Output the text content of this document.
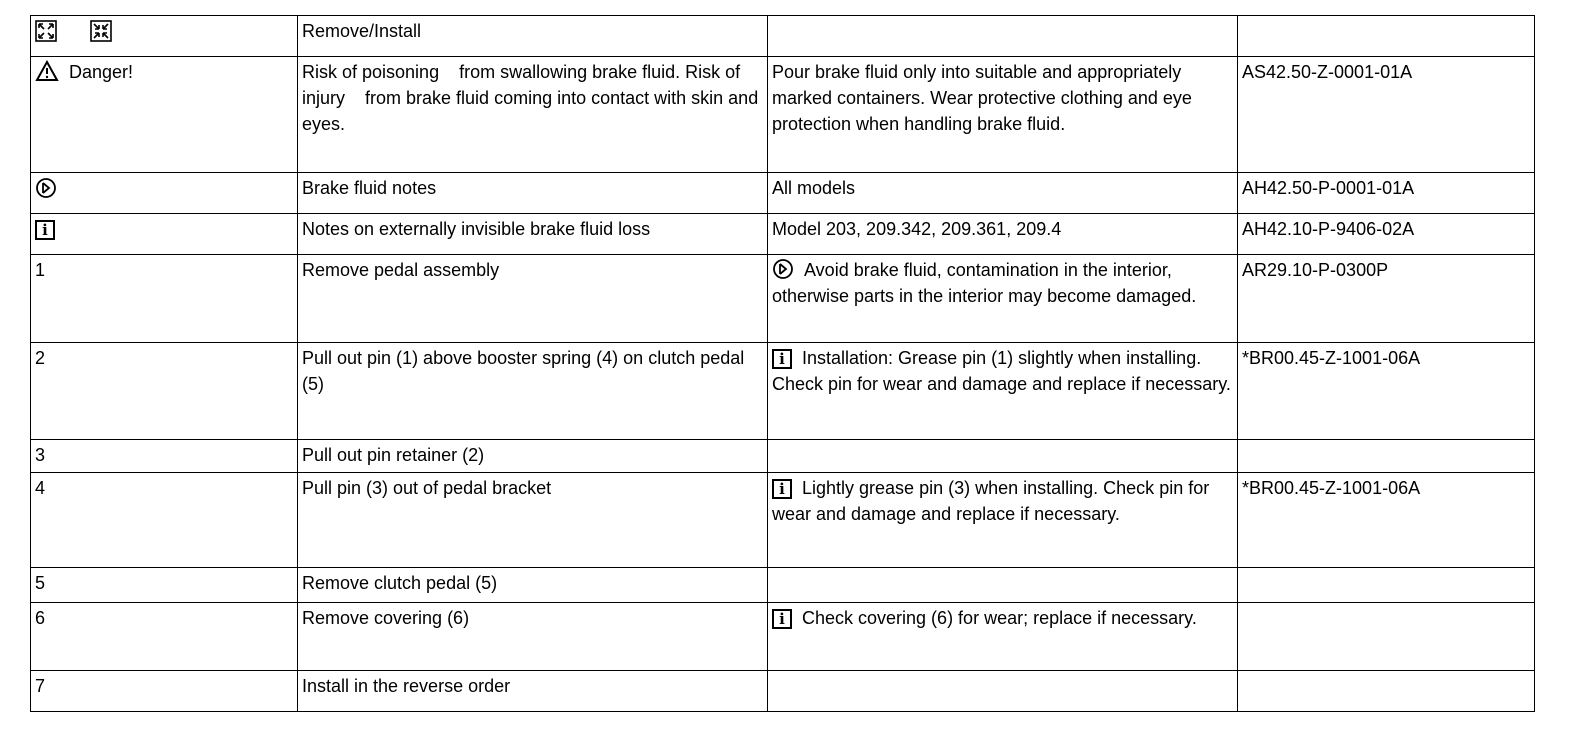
	Remove/Install		
Danger!	Risk of poisoning    from swallowing brake fluid. Risk of injury    from brake fluid coming into contact with skin and eyes.	Pour brake fluid only into suitable and appropriately marked containers. Wear protective clothing and eye protection when handling brake fluid.	AS42.50-Z-0001-01A
	Brake fluid notes	All models	AH42.50-P-0001-01A
i	Notes on externally invisible brake fluid loss	Model 203, 209.342, 209.361, 209.4	AH42.10-P-9406-02A
1	Remove pedal assembly	Avoid brake fluid, contamination in the interior, otherwise parts in the interior may become damaged.	AR29.10-P-0300P
2	Pull out pin (1) above booster spring (4) on clutch pedal (5)	i Installation: Grease pin (1) slightly when installing. Check pin for wear and damage and replace if necessary.	*BR00.45-Z-1001-06A
3	Pull out pin retainer (2)		
4	Pull pin (3) out of pedal bracket	i Lightly grease pin (3) when installing. Check pin for wear and damage and replace if necessary.	*BR00.45-Z-1001-06A
5	Remove clutch pedal (5)		
6	Remove covering (6)	i Check covering (6) for wear; replace if necessary.	
7	Install in the reverse order		
